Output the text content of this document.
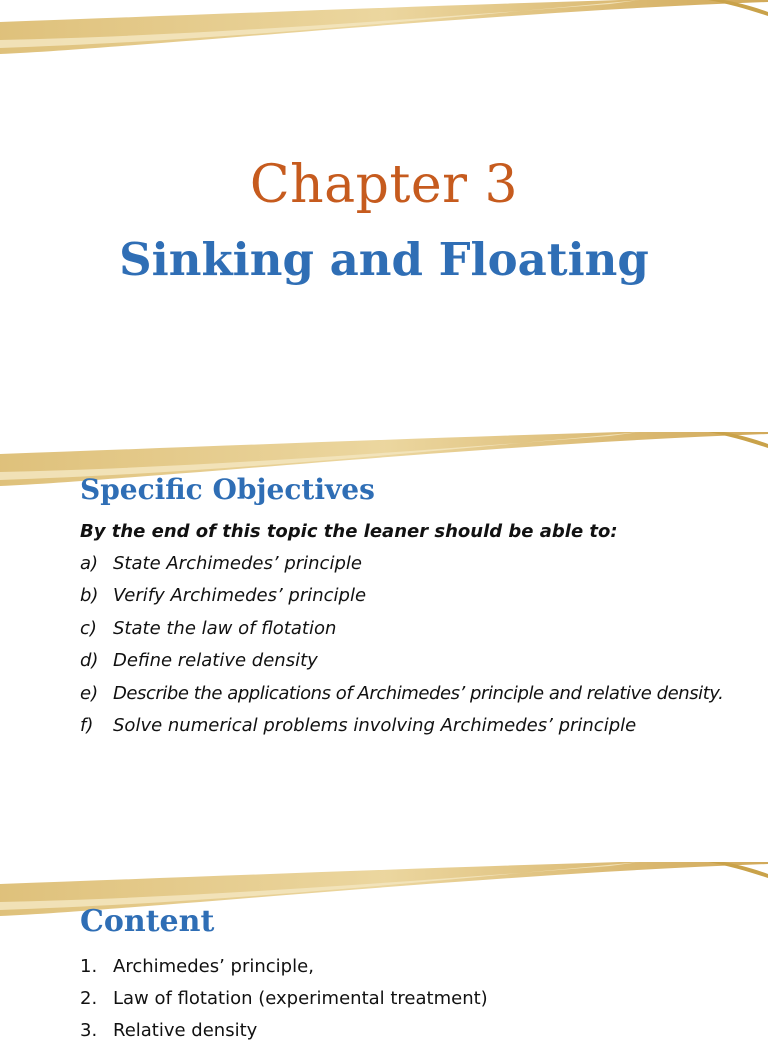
Chapter 3
Sinking and Floating
Specific Objectives
By the end of this topic the leaner should be able to:
a) State Archimedes’ principle
b) Verify Archimedes’ principle
c) State the law of flotation
d) Define relative density
e) Describe the applications of Archimedes’ principle and relative density.
f) Solve numerical problems involving Archimedes’ principle
Content
1. Archimedes’ principle,
2. Law of flotation (experimental treatment)
3. Relative density
